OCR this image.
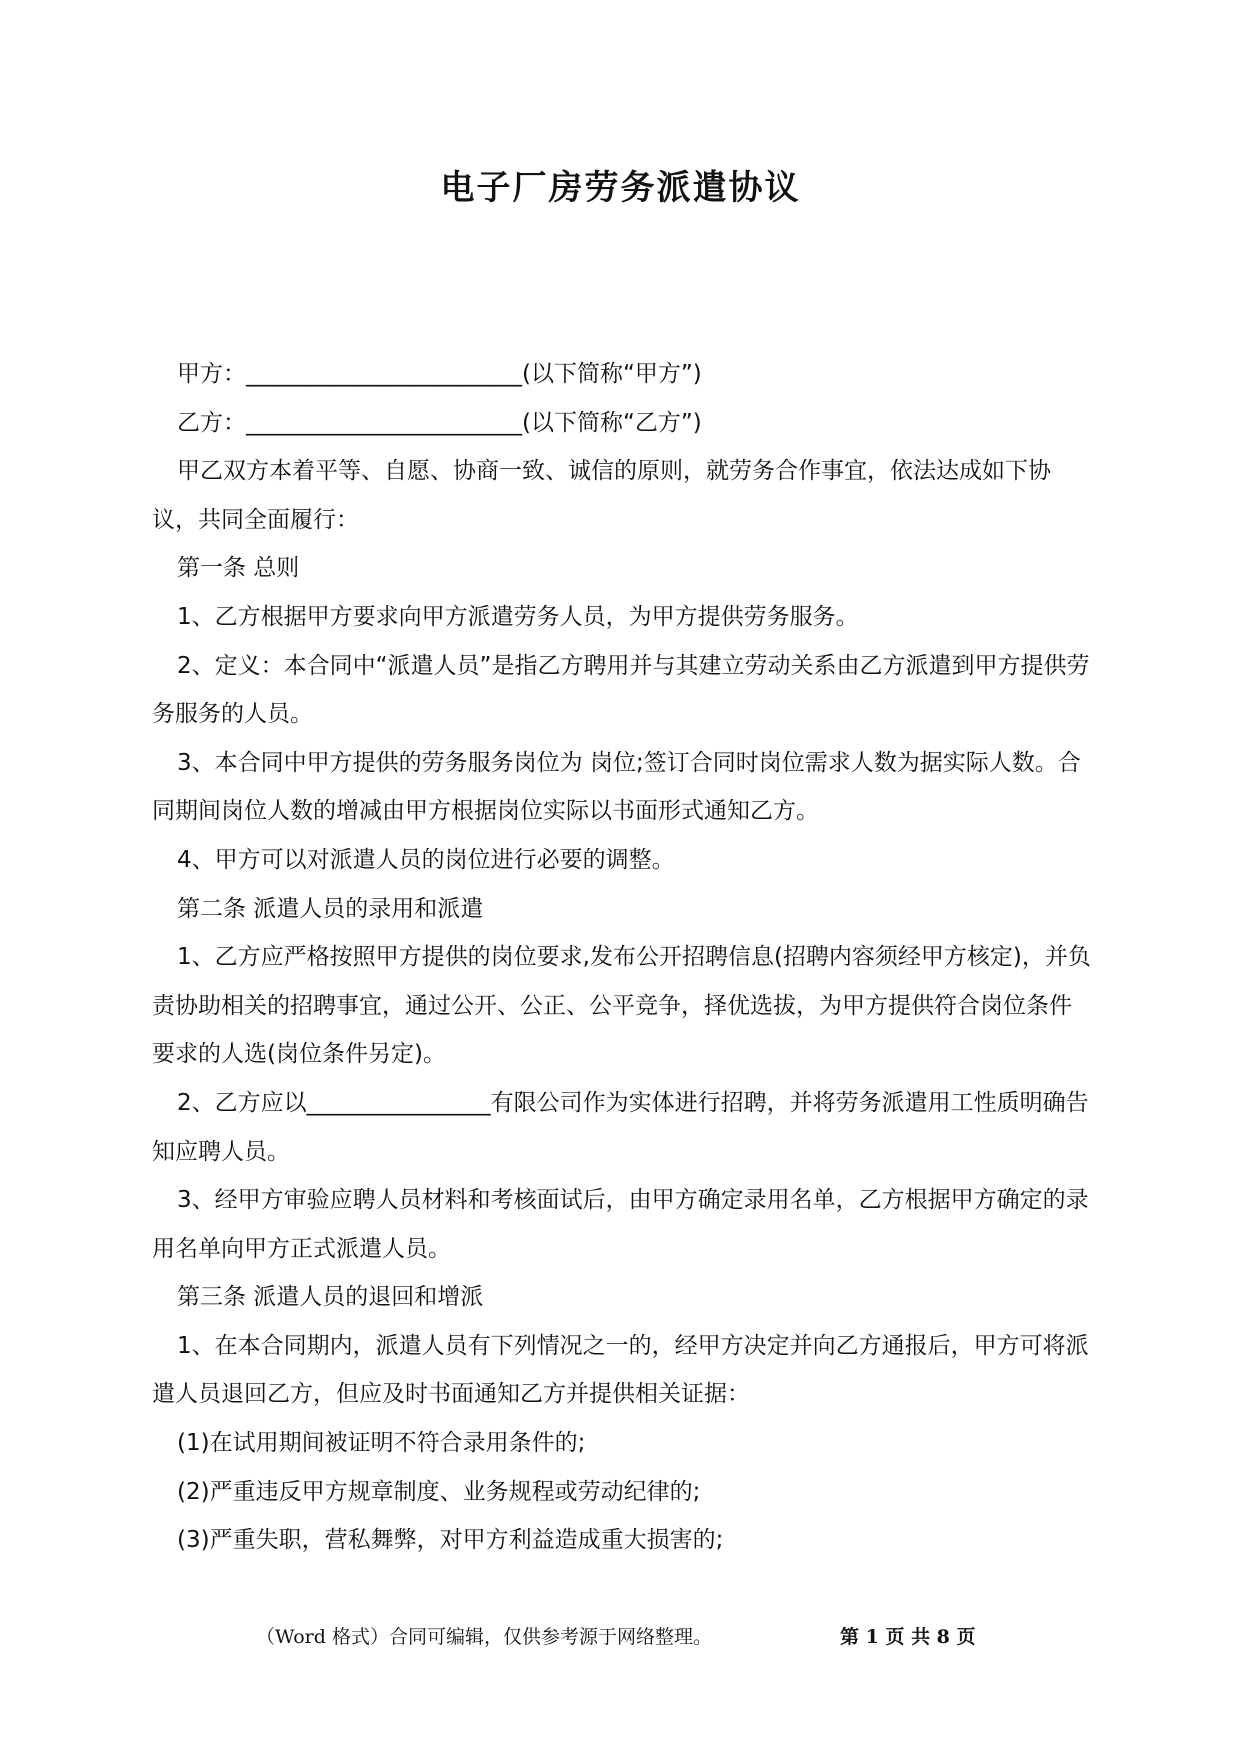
电子厂房劳务派遣协议

甲方：________________________(以下简称“甲方”)

乙方：________________________(以下简称“乙方”)

甲乙双方本着平等、自愿、协商一致、诚信的原则，就劳务合作事宜，依法达成如下协议，共同全面履行：

第一条 总则

1、乙方根据甲方要求向甲方派遣劳务人员，为甲方提供劳务服务。

2、定义：本合同中“派遣人员”是指乙方聘用并与其建立劳动关系由乙方派遣到甲方提供劳务服务的人员。

3、本合同中甲方提供的劳务服务岗位为 岗位;签订合同时岗位需求人数为据实际人数。合同期间岗位人数的增减由甲方根据岗位实际以书面形式通知乙方。

4、甲方可以对派遣人员的岗位进行必要的调整。

第二条 派遣人员的录用和派遣

1、乙方应严格按照甲方提供的岗位要求,发布公开招聘信息(招聘内容须经甲方核定)，并负责协助相关的招聘事宜，通过公开、公正、公平竞争，择优选拔，为甲方提供符合岗位条件要求的人选(岗位条件另定)。

2、乙方应以________________有限公司作为实体进行招聘，并将劳务派遣用工性质明确告知应聘人员。

3、经甲方审验应聘人员材料和考核面试后，由甲方确定录用名单，乙方根据甲方确定的录用名单向甲方正式派遣人员。

第三条 派遣人员的退回和增派

1、在本合同期内，派遣人员有下列情况之一的，经甲方决定并向乙方通报后，甲方可将派遣人员退回乙方，但应及时书面通知乙方并提供相关证据：

(1)在试用期间被证明不符合录用条件的;

(2)严重违反甲方规章制度、业务规程或劳动纪律的;

(3)严重失职，营私舞弊，对甲方利益造成重大损害的;

（Word 格式）合同可编辑，仅供参考源于网络整理。	第 1 页 共 8 页
